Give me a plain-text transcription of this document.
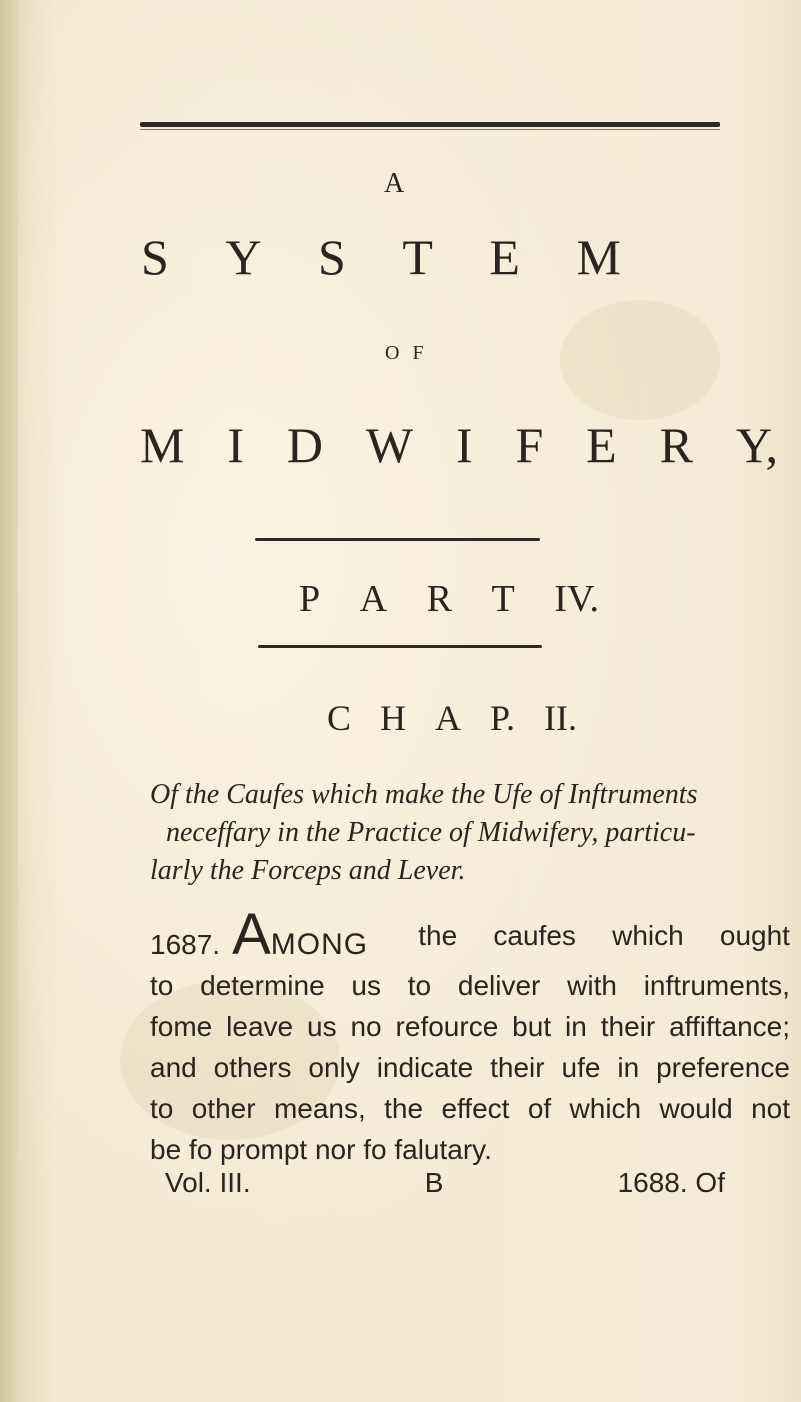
A
S Y S T E M
O F
M I D W I F E R Y,
P A R T IV.
C H A P. II.
Of the Caufes which make the Ufe of Inftruments
neceffary in the Practice of Midwifery, particu-
larly the Forceps and Lever.
1687. AMONG	the caufes which ought
to determine us to deliver with inftruments,
fome leave us no refource but in their affiftance;
and others only indicate their ufe in preference
to other means, the effect of which would not
be fo prompt nor fo falutary.
Vol. III.	B	1688. Of
